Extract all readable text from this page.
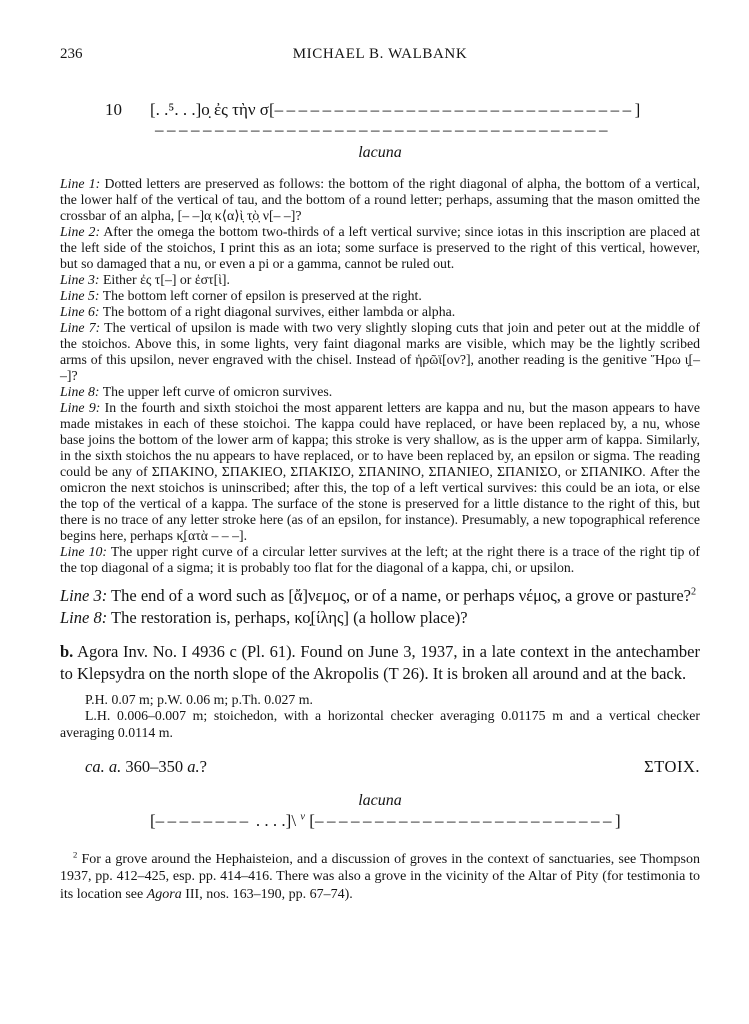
236	MICHAEL B. WALBANK
10	[. .⁵. . .]ο̣ ἐς τὴν σ[––––––––––––––––––––––––––––––]
––––––––––––––––––––––––––––––––––––––
lacuna

Line 1: Dotted letters are preserved as follows: the bottom of the right diagonal of alpha, the bottom of a vertical, the lower half of the vertical of tau, and the bottom of a round letter; perhaps, assuming that the mason omitted the crossbar of an alpha, [– –]α̣ κ⟨α⟩ὶ̣ τ̣ὸ̣ ν[– –]?

Line 2: After the omega the bottom two-thirds of a left vertical survive; since iotas in this inscription are placed at the left side of the stoichos, I print this as an iota; some surface is preserved to the right of this vertical, however, but so damaged that a nu, or even a pi or a gamma, cannot be ruled out.

Line 3: Either ἐς τ[–] or ἐστ[ὶ].

Line 5: The bottom left corner of epsilon is preserved at the right.

Line 6: The bottom of a right diagonal survives, either lambda or alpha.

Line 7: The vertical of upsilon is made with two very slightly sloping cuts that join and peter out at the middle of the stoichos. Above this, in some lights, very faint diagonal marks are visible, which may be the lightly scribed arms of this upsilon, never engraved with the chisel. Instead of ἡρῶϊ[ον?], another reading is the genitive Ἥρω ι̣[– –]?

Line 8: The upper left curve of omicron survives.

Line 9: In the fourth and sixth stoichoi the most apparent letters are kappa and nu, but the mason appears to have made mistakes in each of these stoichoi. The kappa could have replaced, or have been replaced by, a nu, whose base joins the bottom of the lower arm of kappa; this stroke is very shallow, as is the upper arm of kappa. Similarly, in the sixth stoichos the nu appears to have replaced, or to have been replaced by, an epsilon or sigma. The reading could be any of ΣΠΑΚΙΝΟ, ΣΠΑΚΙΕΟ, ΣΠΑΚΙΣΟ, ΣΠΑΝΙΝΟ, ΣΠΑΝΙΕΟ, ΣΠΑΝΙΣΟ, or ΣΠΑΝΙΚΟ. After the omicron the next stoichos is uninscribed; after this, the top of a left vertical survives: this could be an iota, or else the top of the vertical of a kappa. The surface of the stone is preserved for a little distance to the right of this, but there is no trace of any letter stroke here (as of an epsilon, for instance). Presumably, a new topographical reference begins here, perhaps κ̣[ατὰ – – –].

Line 10: The upper right curve of a circular letter survives at the left; at the right there is a trace of the right tip of the top diagonal of a sigma; it is probably too flat for the diagonal of a kappa, chi, or upsilon.

Line 3: The end of a word such as [ἄ]νεμος, or of a name, or perhaps νέμος, a grove or pasture?$^2$

Line 8: The restoration is, perhaps, κο̣[ίλης] (a hollow place)?

b. Agora Inv. No. I 4936 c (Pl. 61). Found on June 3, 1937, in a late context in the antechamber to Klepsydra on the north slope of the Akropolis (T 26). It is broken all around and at the back.

P.H. 0.07 m; p.W. 0.06 m; p.Th. 0.027 m.

L.H. 0.006–0.007 m; stoichedon, with a horizontal checker averaging 0.01175 m and a vertical checker averaging 0.0114 m.

ca. a. 360–350 a.?	ΣΤΟΙΧ.
lacuna
[–––––––– . . . .]\ $^v$ [–––––––––––––––––––––––––]

$^2$ For a grove around the Hephaisteion, and a discussion of groves in the context of sanctuaries, see Thompson 1937, pp. 412–425, esp. pp. 414–416. There was also a grove in the vicinity of the Altar of Pity (for testimonia to its location see Agora III, nos. 163–190, pp. 67–74).
